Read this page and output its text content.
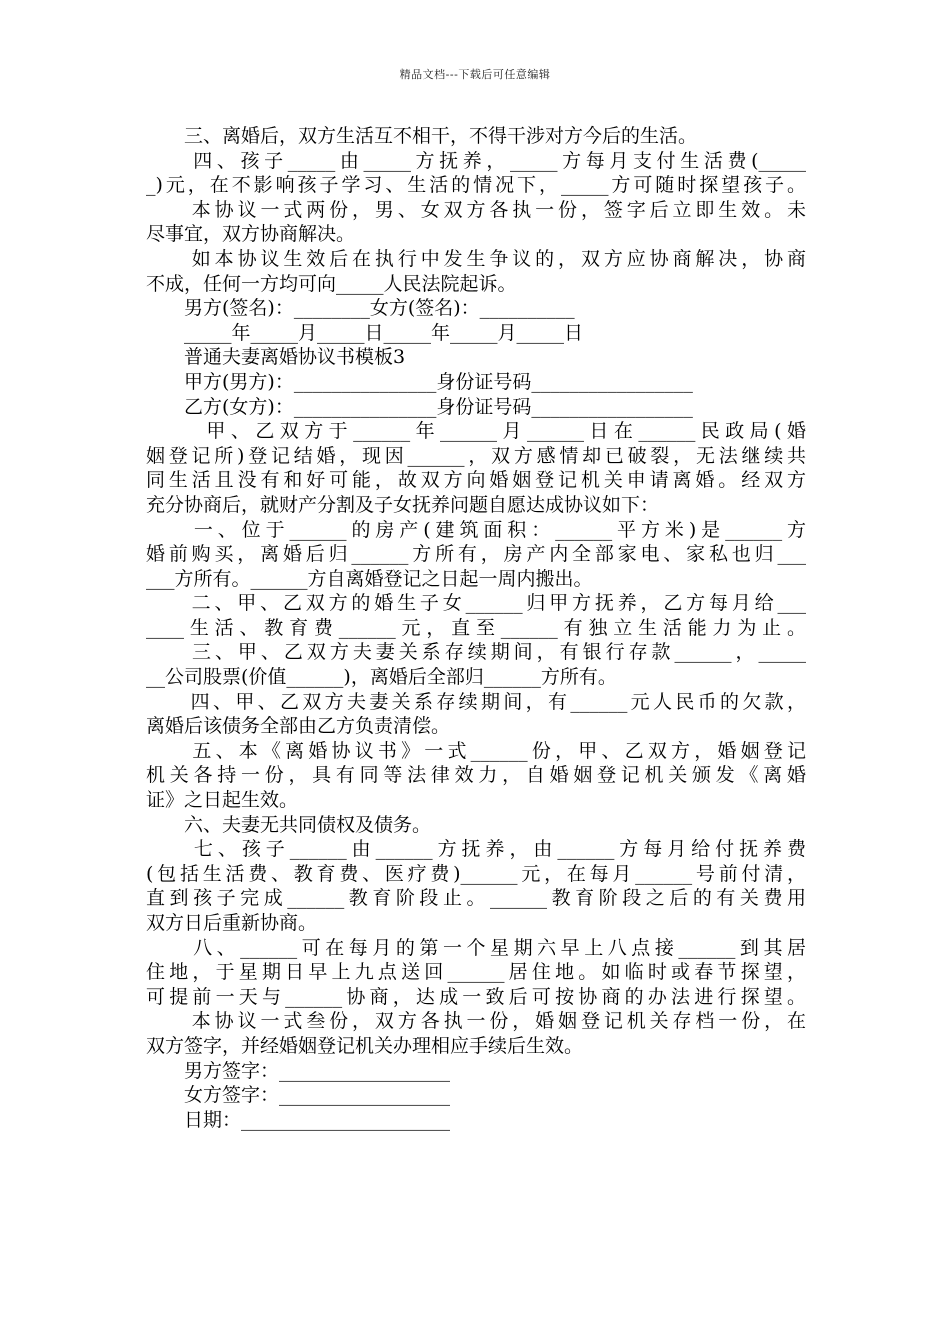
精品文档---下载后可任意编辑
　　三、离婚后，双方生活互不相干，不得干涉对方今后的生活。
　　四、孩子_____由_____方抚养，_____方每月支付生活费(_____
_)元，在不影响孩子学习、生活的情况下，_____方可随时探望孩子。
　　本协议一式两份，男、女双方各执一份，签字后立即生效。未
尽事宜，双方协商解决。
　　如本协议生效后在执行中发生争议的，双方应协商解决，协商
不成，任何一方均可向_____人民法院起诉。
　　男方(签名)：________女方(签名)：__________
　　_____年_____月_____日_____年_____月_____日
　　普通夫妻离婚协议书模板3
　　甲方(男方)：_______________身份证号码_________________
　　乙方(女方)：_______________身份证号码_________________
　　 甲、乙双方于______年______月______日在______民政局(婚
姻登记所)登记结婚，现因______，双方感情却已破裂，无法继续共
同生活且没有和好可能，故双方向婚姻登记机关申请离婚。经双方
充分协商后，就财产分割及子女抚养问题自愿达成协议如下：
　　一、位于______的房产(建筑面积：______平方米)是______方
婚前购买，离婚后归______方所有，房产内全部家电、家私也归___
___方所有。______方自离婚登记之日起一周内搬出。
　　二、甲、乙双方的婚生子女______归甲方抚养，乙方每月给___
____生活、教育费______元，直至______有独立生活能力为止。
　　三、甲、乙双方夫妻关系存续期间，有银行存款______，_____
__公司股票(价值______)，离婚后全部归______方所有。
　　四、甲、乙双方夫妻关系存续期间，有______元人民币的欠款，
离婚后该债务全部由乙方负责清偿。
　　五、本《离婚协议书》一式______份，甲、乙双方，婚姻登记
机关各持一份，具有同等法律效力，自婚姻登记机关颁发《离婚
证》之日起生效。
　　六、夫妻无共同债权及债务。
　　七、孩子______由______方抚养，由______方每月给付抚养费
(包括生活费、教育费、医疗费)______元，在每月______号前付清，
直到孩子完成______教育阶段止。______教育阶段之后的有关费用
双方日后重新协商。
　　八、______可在每月的第一个星期六早上八点接______到其居
住地，于星期日早上九点送回______居住地。如临时或春节探望，
可提前一天与______协商，达成一致后可按协商的办法进行探望。
　　本协议一式叁份，双方各执一份，婚姻登记机关存档一份，在
双方签字，并经婚姻登记机关办理相应手续后生效。
　　男方签字：__________________
　　女方签字：__________________
　　日期：______________________
